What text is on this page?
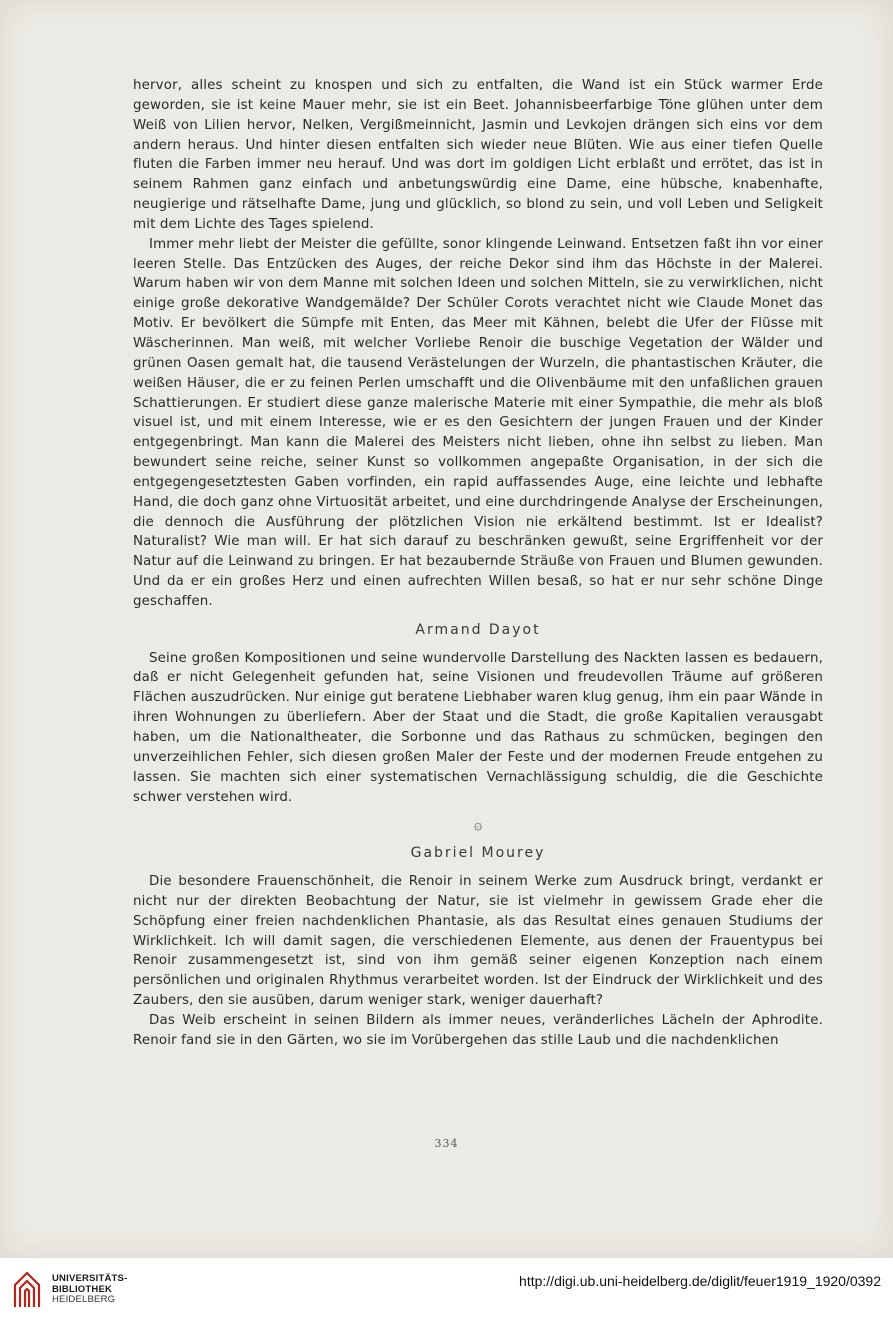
hervor, alles scheint zu knospen und sich zu entfalten, die Wand ist ein Stück warmer Erde geworden, sie ist keine Mauer mehr, sie ist ein Beet. Johannisbeerfarbige Töne glühen unter dem Weiß von Lilien hervor, Nelken, Vergißmeinnicht, Jasmin und Levkojen drängen sich eins vor dem andern heraus. Und hinter diesen entfalten sich wieder neue Blüten. Wie aus einer tiefen Quelle fluten die Farben immer neu herauf. Und was dort im goldigen Licht erblaßt und errötet, das ist in seinem Rahmen ganz einfach und anbetungswürdig eine Dame, eine hübsche, knabenhafte, neugierige und rätselhafte Dame, jung und glücklich, so blond zu sein, und voll Leben und Seligkeit mit dem Lichte des Tages spielend.

Immer mehr liebt der Meister die gefüllte, sonor klingende Leinwand. Entsetzen faßt ihn vor einer leeren Stelle. Das Entzücken des Auges, der reiche Dekor sind ihm das Höchste in der Malerei. Warum haben wir von dem Manne mit solchen Ideen und solchen Mitteln, sie zu verwirklichen, nicht einige große dekorative Wandgemälde? Der Schüler Corots verachtet nicht wie Claude Monet das Motiv. Er bevölkert die Sümpfe mit Enten, das Meer mit Kähnen, belebt die Ufer der Flüsse mit Wäscherinnen. Man weiß, mit welcher Vorliebe Renoir die buschige Vegetation der Wälder und grünen Oasen gemalt hat, die tausend Verästelungen der Wurzeln, die phantastischen Kräuter, die weißen Häuser, die er zu feinen Perlen umschafft und die Olivenbäume mit den unfaßlichen grauen Schattierungen. Er studiert diese ganze malerische Materie mit einer Sympathie, die mehr als bloß visuel ist, und mit einem Interesse, wie er es den Gesichtern der jungen Frauen und der Kinder entgegenbringt. Man kann die Malerei des Meisters nicht lieben, ohne ihn selbst zu lieben. Man bewundert seine reiche, seiner Kunst so vollkommen angepaßte Organisation, in der sich die entgegengesetztesten Gaben vorfinden, ein rapid auffassendes Auge, eine leichte und lebhafte Hand, die doch ganz ohne Virtuosität arbeitet, und eine durchdringende Analyse der Erscheinungen, die dennoch die Ausführung der plötzlichen Vision nie erkältend bestimmt. Ist er Idealist? Naturalist? Wie man will. Er hat sich darauf zu beschränken gewußt, seine Ergriffenheit vor der Natur auf die Leinwand zu bringen. Er hat bezaubernde Sträuße von Frauen und Blumen gewunden. Und da er ein großes Herz und einen aufrechten Willen besaß, so hat er nur sehr schöne Dinge geschaffen.

Armand Dayot

Seine großen Kompositionen und seine wundervolle Darstellung des Nackten lassen es bedauern, daß er nicht Gelegenheit gefunden hat, seine Visionen und freudevollen Träume auf größeren Flächen auszudrücken. Nur einige gut beratene Liebhaber waren klug genug, ihm ein paar Wände in ihren Wohnungen zu überliefern. Aber der Staat und die Stadt, die große Kapitalien verausgabt haben, um die Nationaltheater, die Sorbonne und das Rathaus zu schmücken, begingen den unverzeihlichen Fehler, sich diesen großen Maler der Feste und der modernen Freude entgehen zu lassen. Sie machten sich einer systematischen Vernachlässigung schuldig, die die Geschichte schwer verstehen wird.

۞
Gabriel Mourey

Die besondere Frauenschönheit, die Renoir in seinem Werke zum Ausdruck bringt, verdankt er nicht nur der direkten Beobachtung der Natur, sie ist vielmehr in gewissem Grade eher die Schöpfung einer freien nachdenklichen Phantasie, als das Resultat eines genauen Studiums der Wirklichkeit. Ich will damit sagen, die verschiedenen Elemente, aus denen der Frauentypus bei Renoir zusammengesetzt ist, sind von ihm gemäß seiner eigenen Konzeption nach einem persönlichen und originalen Rhythmus verarbeitet worden. Ist der Eindruck der Wirklichkeit und des Zaubers, den sie ausüben, darum weniger stark, weniger dauerhaft?

Das Weib erscheint in seinen Bildern als immer neues, veränderliches Lächeln der Aphrodite. Renoir fand sie in den Gärten, wo sie im Vorübergehen das stille Laub und die nachdenklichen

334
UNIVERSITÄTS-
BIBLIOTHEK
HEIDELBERG
http://digi.ub.uni-heidelberg.de/diglit/feuer1919_1920/0392
